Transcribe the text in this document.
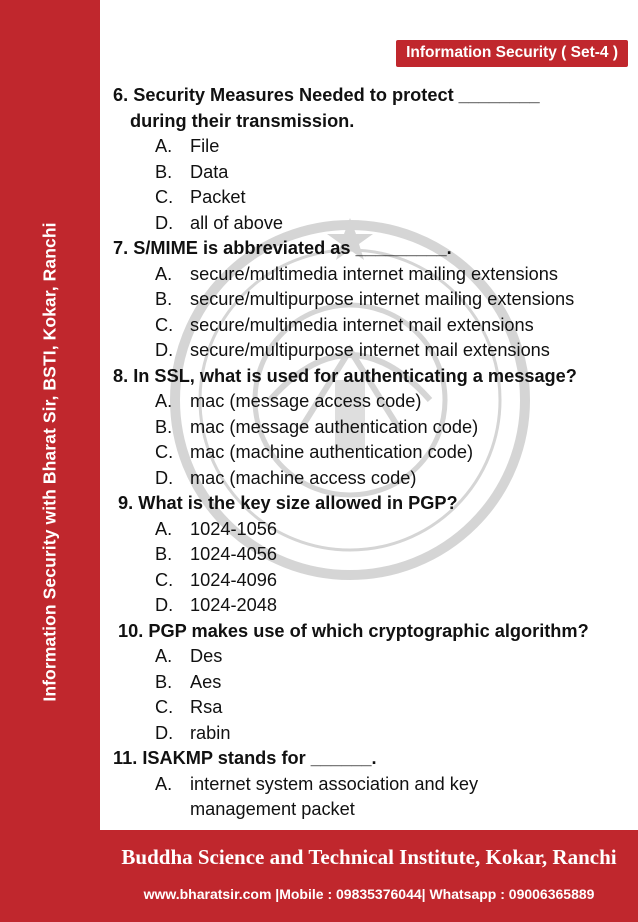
Information Security with Bharat Sir, BSTI, Kokar, Ranchi
Information Security ( Set-4 )

6. Security Measures Needed to protect ________
during their transmission.

A. File

B. Data

C. Packet

D. all of above

7. S/MIME is abbreviated as _________.

A. secure/multimedia internet mailing extensions

B. secure/multipurpose internet mailing extensions

C. secure/multimedia internet mail extensions

D. secure/multipurpose internet mail extensions

8. In SSL, what is used for authenticating a message?

A. mac (message access code)

B. mac (message authentication code)

C. mac (machine authentication code)

D. mac (machine access code)

9. What is the key size allowed in PGP?

A. 1024-1056

B. 1024-4056

C. 1024-4096

D. 1024-2048

10. PGP makes use of which cryptographic algorithm?

A. Des

B. Aes

C. Rsa

D. rabin

11. ISAKMP stands for ______.

A. internet system association and key management packet

Buddha Science and Technical Institute, Kokar, Ranchi
www.bharatsir.com |Mobile : 09835376044| Whatsapp : 09006365889
